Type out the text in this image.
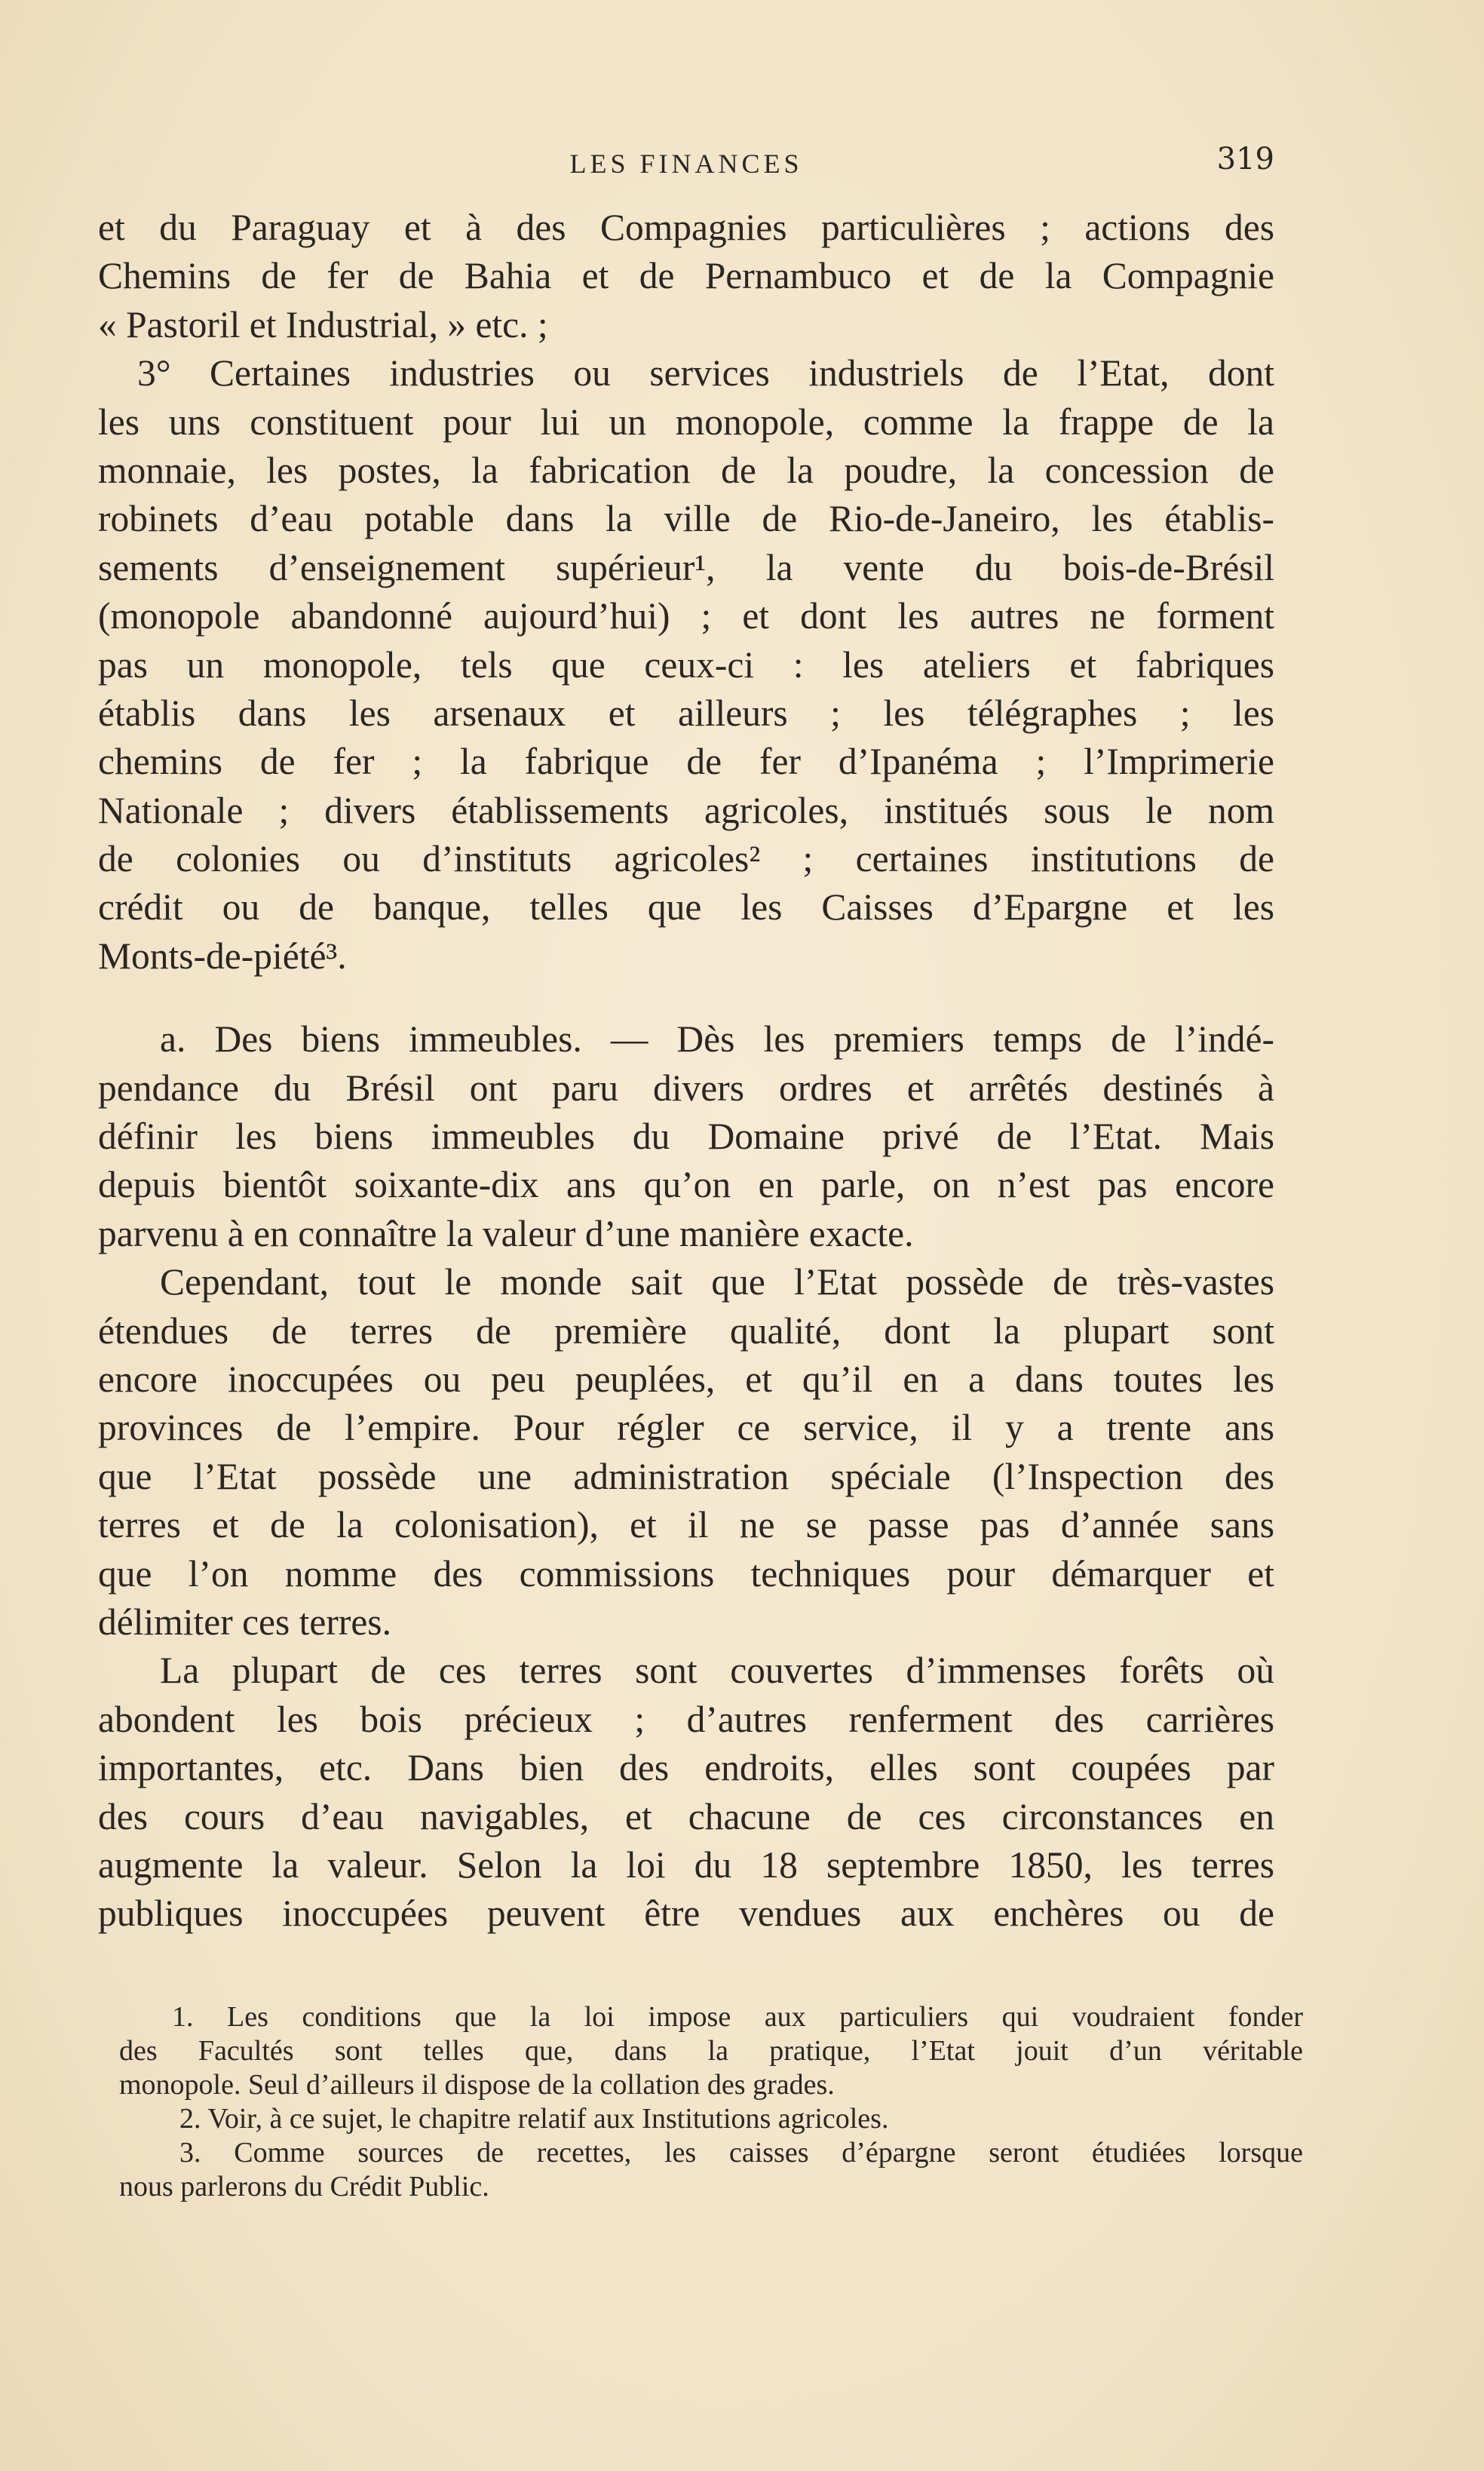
LES FINANCES	319
et du Paraguay et à des Compagnies particulières ; actions des
Chemins de fer de Bahia et de Pernambuco et de la Compagnie
« Pastoril et Industrial, » etc. ;
3° Certaines industries ou services industriels de l’Etat, dont
les uns constituent pour lui un monopole, comme la frappe de la
monnaie, les postes, la fabrication de la poudre, la concession de
robinets d’eau potable dans la ville de Rio-de-Janeiro, les établis-
sements d’enseignement supérieur¹, la vente du bois-de-Brésil
(monopole abandonné aujourd’hui) ; et dont les autres ne forment
pas un monopole, tels que ceux-ci : les ateliers et fabriques
établis dans les arsenaux et ailleurs ; les télégraphes ; les
chemins de fer ; la fabrique de fer d’Ipanéma ; l’Imprimerie
Nationale ; divers établissements agricoles, institués sous le nom
de colonies ou d’instituts agricoles² ; certaines institutions de
crédit ou de banque, telles que les Caisses d’Epargne et les
Monts-de-piété³.
a. Des biens immeubles. — Dès les premiers temps de l’indé-
pendance du Brésil ont paru divers ordres et arrêtés destinés à
définir les biens immeubles du Domaine privé de l’Etat. Mais
depuis bientôt soixante-dix ans qu’on en parle, on n’est pas encore
parvenu à en connaître la valeur d’une manière exacte.
Cependant, tout le monde sait que l’Etat possède de très-vastes
étendues de terres de première qualité, dont la plupart sont
encore inoccupées ou peu peuplées, et qu’il en a dans toutes les
provinces de l’empire. Pour régler ce service, il y a trente ans
que l’Etat possède une administration spéciale (l’Inspection des
terres et de la colonisation), et il ne se passe pas d’année sans
que l’on nomme des commissions techniques pour démarquer et
délimiter ces terres.
La plupart de ces terres sont couvertes d’immenses forêts où
abondent les bois précieux ; d’autres renferment des carrières
importantes, etc. Dans bien des endroits, elles sont coupées par
des cours d’eau navigables, et chacune de ces circonstances en
augmente la valeur. Selon la loi du 18 septembre 1850, les terres
publiques inoccupées peuvent être vendues aux enchères ou de
1. Les conditions que la loi impose aux particuliers qui voudraient fonder
des Facultés sont telles que, dans la pratique, l’Etat jouit d’un véritable
monopole. Seul d’ailleurs il dispose de la collation des grades.
2. Voir, à ce sujet, le chapitre relatif aux Institutions agricoles.
3. Comme sources de recettes, les caisses d’épargne seront étudiées lorsque
nous parlerons du Crédit Public.
